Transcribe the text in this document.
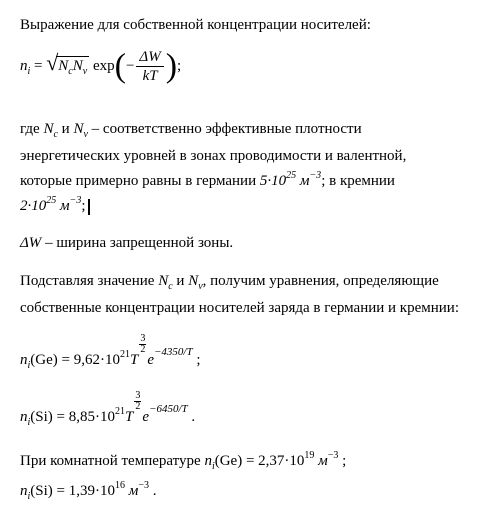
Выражение для собственной концентрации носителей:
$n_i$ = √ $N_cN_v$ $\exp(- \frac{\Delta W}{kT}$ );
где $N_c$ и $N_v$ – соответственно эффективные плотности
энергетических уровней в зонах проводимости и валентной,
которые примерно равны в германии $5\cdot 10^{25}$ $м^{-3}$; в кремнии
$2\cdot 10^{25}$ $м^{-3}$;
ΔW – ширина запрещенной зоны.
Подставляя значение $N_c$ и $N_v$, получим уравнения, определяющие
собственные концентрации носителей заряда в германии и кремнии:
$n_i(Ge) = 9,62\cdot 10^{21}T$
$\frac{3}{2}$
$e^{-4350/T}$ ;
$n_i(Si) = 8,85\cdot 10^{21}T$
$\frac{3}{2}$
$e^{-6450/T}$ .
При комнатной температуре $n_i(Ge) = 2,37\cdot 10^{19}$ $м^{-3}$ ;
$n_i(Si) = 1,39\cdot 10^{16}$ $м^{-3}$ .
